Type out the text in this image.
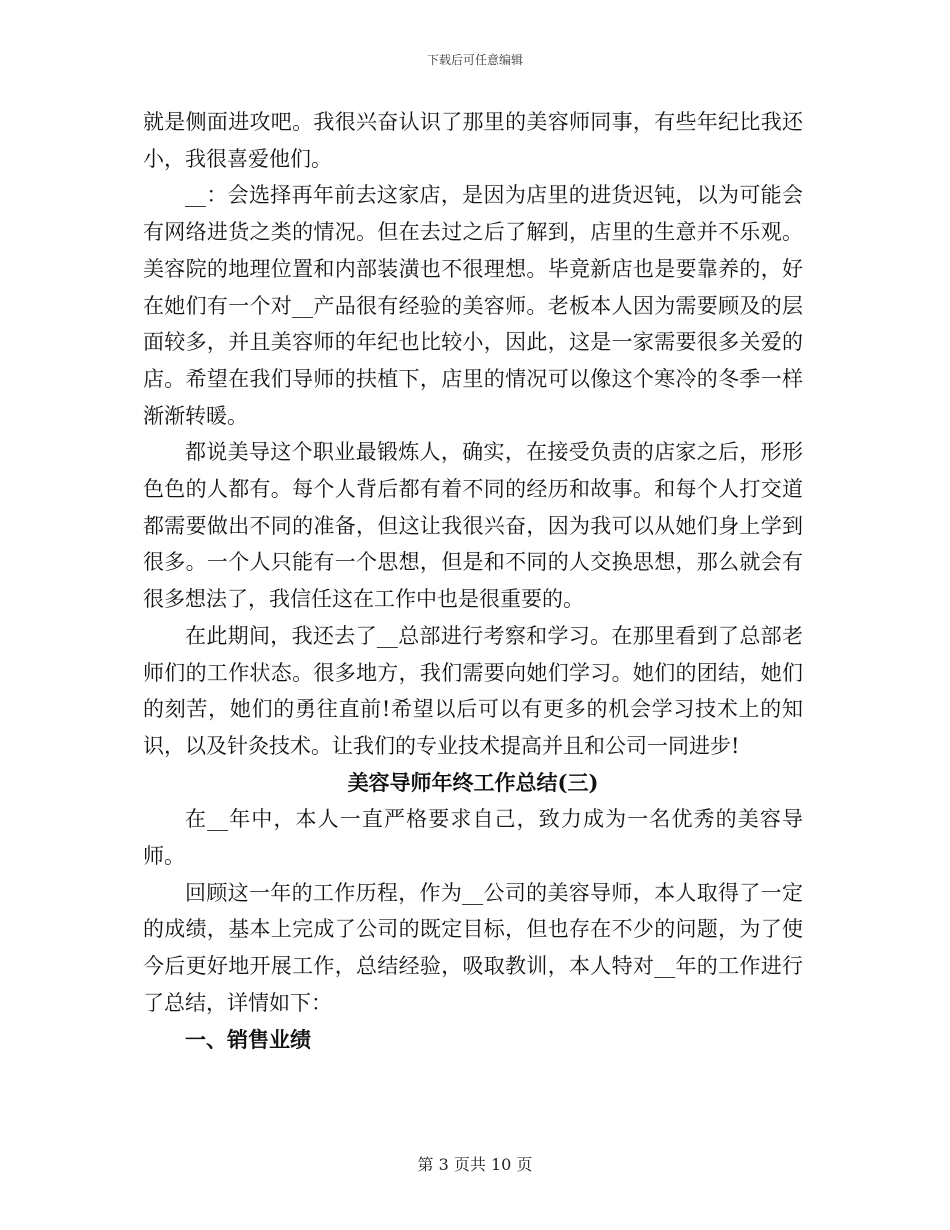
下载后可任意编辑

就是侧面进攻吧。我很兴奋认识了那里的美容师同事，有些年纪比我还小，我很喜爱他们。

__：会选择再年前去这家店，是因为店里的进货迟钝，以为可能会有网络进货之类的情况。但在去过之后了解到，店里的生意并不乐观。美容院的地理位置和内部装潢也不很理想。毕竟新店也是要靠养的，好在她们有一个对__产品很有经验的美容师。老板本人因为需要顾及的层面较多，并且美容师的年纪也比较小，因此，这是一家需要很多关爱的店。希望在我们导师的扶植下，店里的情况可以像这个寒冷的冬季一样渐渐转暖。

都说美导这个职业最锻炼人，确实，在接受负责的店家之后，形形色色的人都有。每个人背后都有着不同的经历和故事。和每个人打交道都需要做出不同的准备，但这让我很兴奋，因为我可以从她们身上学到很多。一个人只能有一个思想，但是和不同的人交换思想，那么就会有很多想法了，我信任这在工作中也是很重要的。

在此期间，我还去了__总部进行考察和学习。在那里看到了总部老师们的工作状态。很多地方，我们需要向她们学习。她们的团结，她们的刻苦，她们的勇往直前!希望以后可以有更多的机会学习技术上的知识，以及针灸技术。让我们的专业技术提高并且和公司一同进步!

美容导师年终工作总结(三)

在__年中，本人一直严格要求自己，致力成为一名优秀的美容导师。

回顾这一年的工作历程，作为__公司的美容导师，本人取得了一定的成绩，基本上完成了公司的既定目标，但也存在不少的问题，为了使今后更好地开展工作，总结经验，吸取教训，本人特对__年的工作进行了总结，详情如下：

一、销售业绩
第 3 页共 10 页
